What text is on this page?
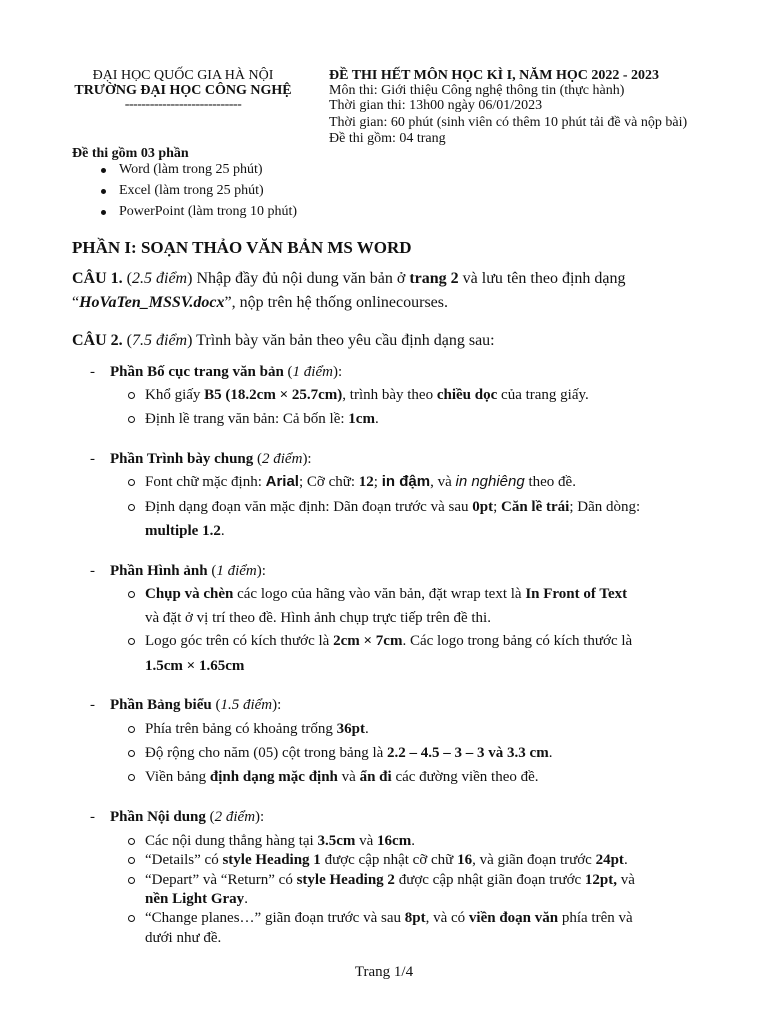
ĐẠI HỌC QUỐC GIA HÀ NỘI
TRƯỜNG ĐẠI HỌC CÔNG NGHỆ
----------------------------
ĐỀ THI HẾT MÔN HỌC KÌ I, NĂM HỌC 2022 - 2023
Môn thi: Giới thiệu Công nghệ thông tin (thực hành)
Thời gian thi: 13h00 ngày 06/01/2023
Thời gian: 60 phút (sinh viên có thêm 10 phút tải đề và nộp bài)
Đề thi gồm: 04 trang
Đề thi gồm 03 phần
Word (làm trong 25 phút)
Excel (làm trong 25 phút)
PowerPoint (làm trong 10 phút)
PHẦN I: SOẠN THẢO VĂN BẢN MS WORD
CÂU 1. (2.5 điểm) Nhập đầy đủ nội dung văn bản ở trang 2 và lưu tên theo định dạng
“HoVaTen_MSSV.docx”, nộp trên hệ thống onlinecourses.
CÂU 2. (7.5 điểm) Trình bày văn bản theo yêu cầu định dạng sau:
-    Phần Bố cục trang văn bản (1 điểm):
Khổ giấy B5 (18.2cm × 25.7cm), trình bày theo chiều dọc của trang giấy.
Định lề trang văn bản: Cả bốn lề: 1cm.
-    Phần Trình bày chung (2 điểm):
Font chữ mặc định: Arial; Cỡ chữ: 12; in đậm, và in nghiêng theo đề.
Định dạng đoạn văn mặc định: Dãn đoạn trước và sau 0pt; Căn lề trái; Dãn dòng:
multiple 1.2.
-    Phần Hình ảnh (1 điểm):
Chụp và chèn các logo của hãng vào văn bản, đặt wrap text là In Front of Text
và đặt ở vị trí theo đề. Hình ảnh chụp trực tiếp trên đề thi.
Logo góc trên có kích thước là 2cm × 7cm. Các logo trong bảng có kích thước là
1.5cm × 1.65cm
-    Phần Bảng biểu (1.5 điểm):
Phía trên bảng có khoảng trống 36pt.
Độ rộng cho năm (05) cột trong bảng là 2.2 – 4.5 – 3 – 3 và 3.3 cm.
Viền bảng định dạng mặc định và ẩn đi các đường viền theo đề.
-    Phần Nội dung (2 điểm):
Các nội dung thẳng hàng tại 3.5cm và 16cm.
“Details” có style Heading 1 được cập nhật cỡ chữ 16, và giãn đoạn trước 24pt.
“Depart” và “Return” có style Heading 2 được cập nhật giãn đoạn trước 12pt, và
nền Light Gray.
“Change planes…” giãn đoạn trước và sau 8pt, và có viền đoạn văn phía trên và
dưới như đề.
Trang 1/4
